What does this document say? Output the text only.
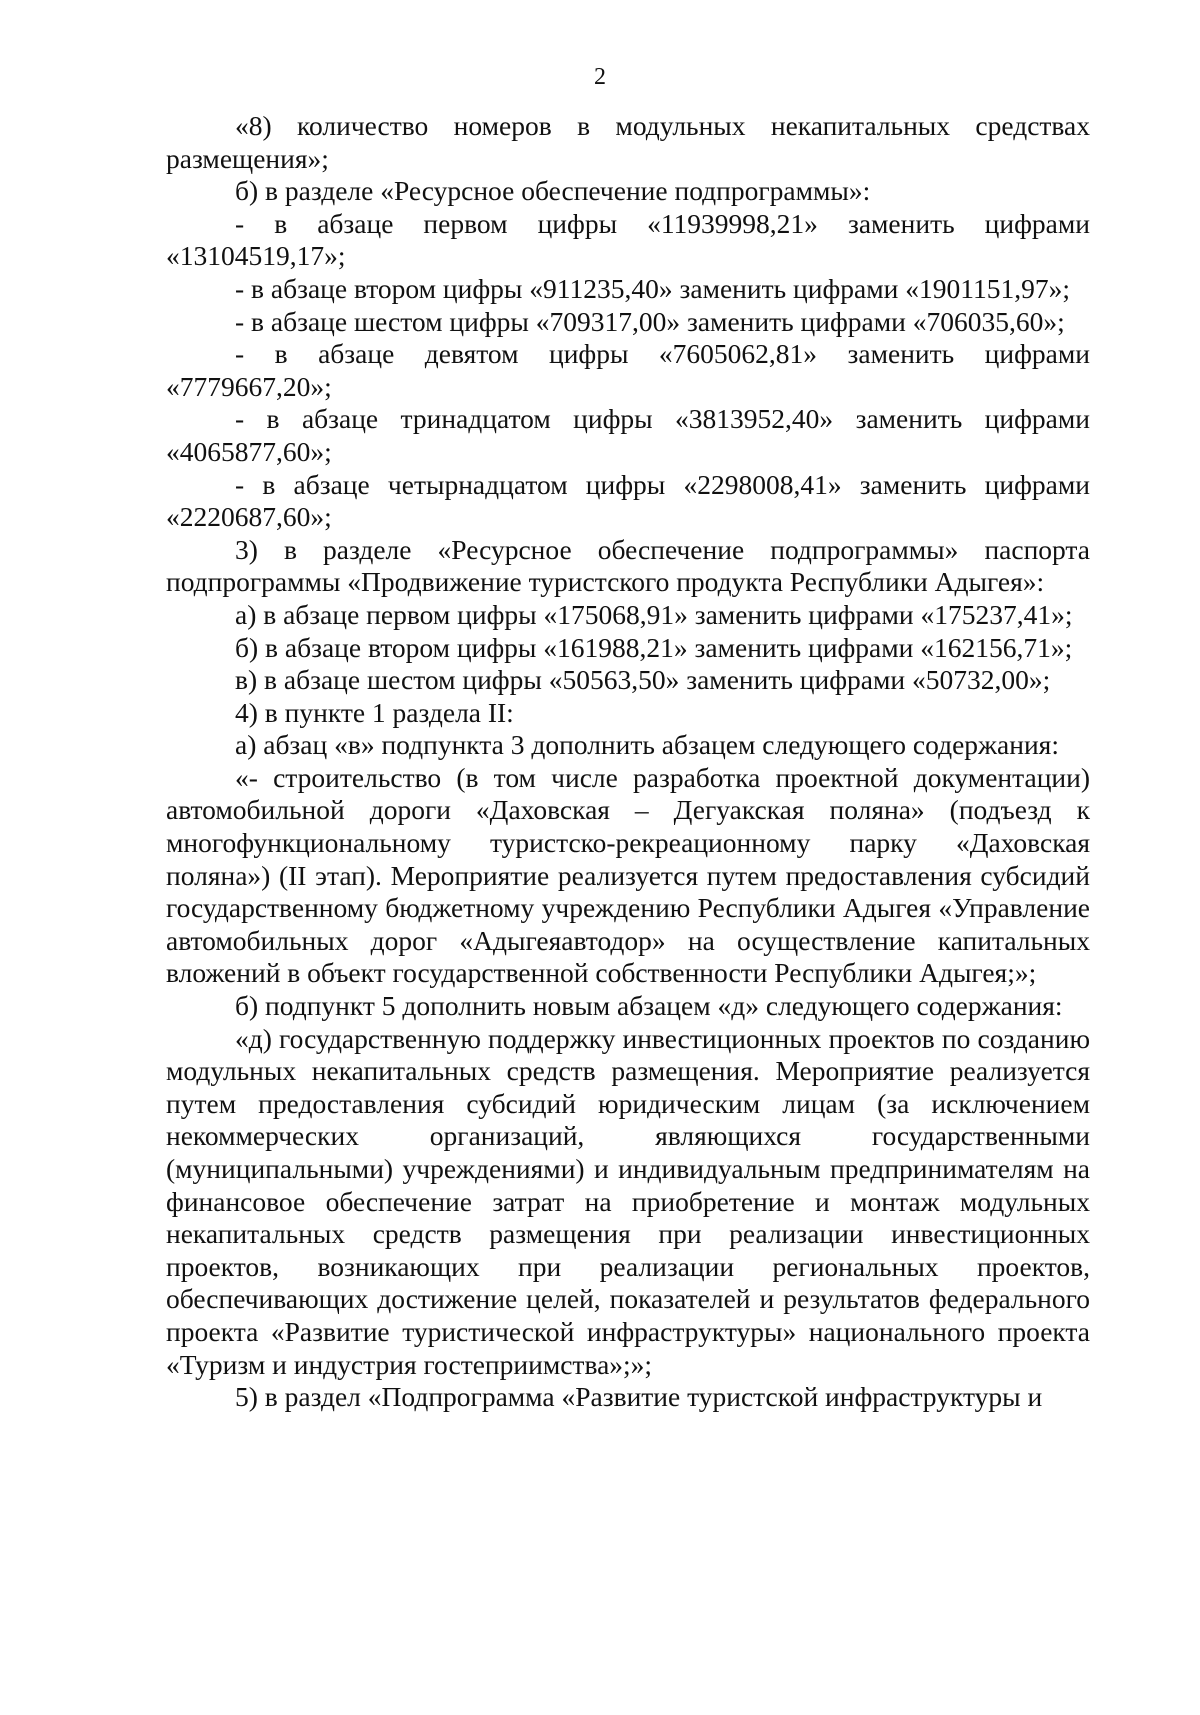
2

«8) количество номеров в модульных некапитальных средствах размещения»;

б) в разделе «Ресурсное обеспечение подпрограммы»:

- в абзаце первом цифры «11939998,21» заменить цифрами «13104519,17»;

- в абзаце втором цифры «911235,40» заменить цифрами «1901151,97»;

- в абзаце шестом цифры «709317,00» заменить цифрами «706035,60»;

- в абзаце девятом цифры «7605062,81» заменить цифрами «7779667,20»;

- в абзаце тринадцатом цифры «3813952,40» заменить цифрами «4065877,60»;

- в абзаце четырнадцатом цифры «2298008,41» заменить цифрами «2220687,60»;

3) в разделе «Ресурсное обеспечение подпрограммы» паспорта подпрограммы «Продвижение туристского продукта Республики Адыгея»:

а) в абзаце первом цифры «175068,91» заменить цифрами «175237,41»;

б) в абзаце втором цифры «161988,21» заменить цифрами «162156,71»;

в) в абзаце шестом цифры «50563,50» заменить цифрами «50732,00»;

4) в пункте 1 раздела II:

а) абзац «в» подпункта 3 дополнить абзацем следующего содержания:

«- строительство (в том числе разработка проектной документации) автомобильной дороги «Даховская – Дегуакская поляна» (подъезд к многофункциональному туристско-рекреационному парку «Даховская поляна») (II этап). Мероприятие реализуется путем предоставления субсидий государственному бюджетному учреждению Республики Адыгея «Управление автомобильных дорог «Адыгеяавтодор» на осуществление капитальных вложений в объект государственной собственности Республики Адыгея;»;

б) подпункт 5 дополнить новым абзацем «д» следующего содержания:

«д) государственную поддержку инвестиционных проектов по созданию модульных некапитальных средств размещения. Мероприятие реализуется путем предоставления субсидий юридическим лицам (за исключением некоммерческих организаций, являющихся государственными (муниципальными) учреждениями) и индивидуальным предпринимателям на финансовое обеспечение затрат на приобретение и монтаж модульных некапитальных средств размещения при реализации инвестиционных проектов, возникающих при реализации региональных проектов, обеспечивающих достижение целей, показателей и результатов федерального проекта «Развитие туристической инфраструктуры» национального проекта «Туризм и индустрия гостеприимства»;»;

5) в раздел «Подпрограмма «Развитие туристской инфраструктуры и
